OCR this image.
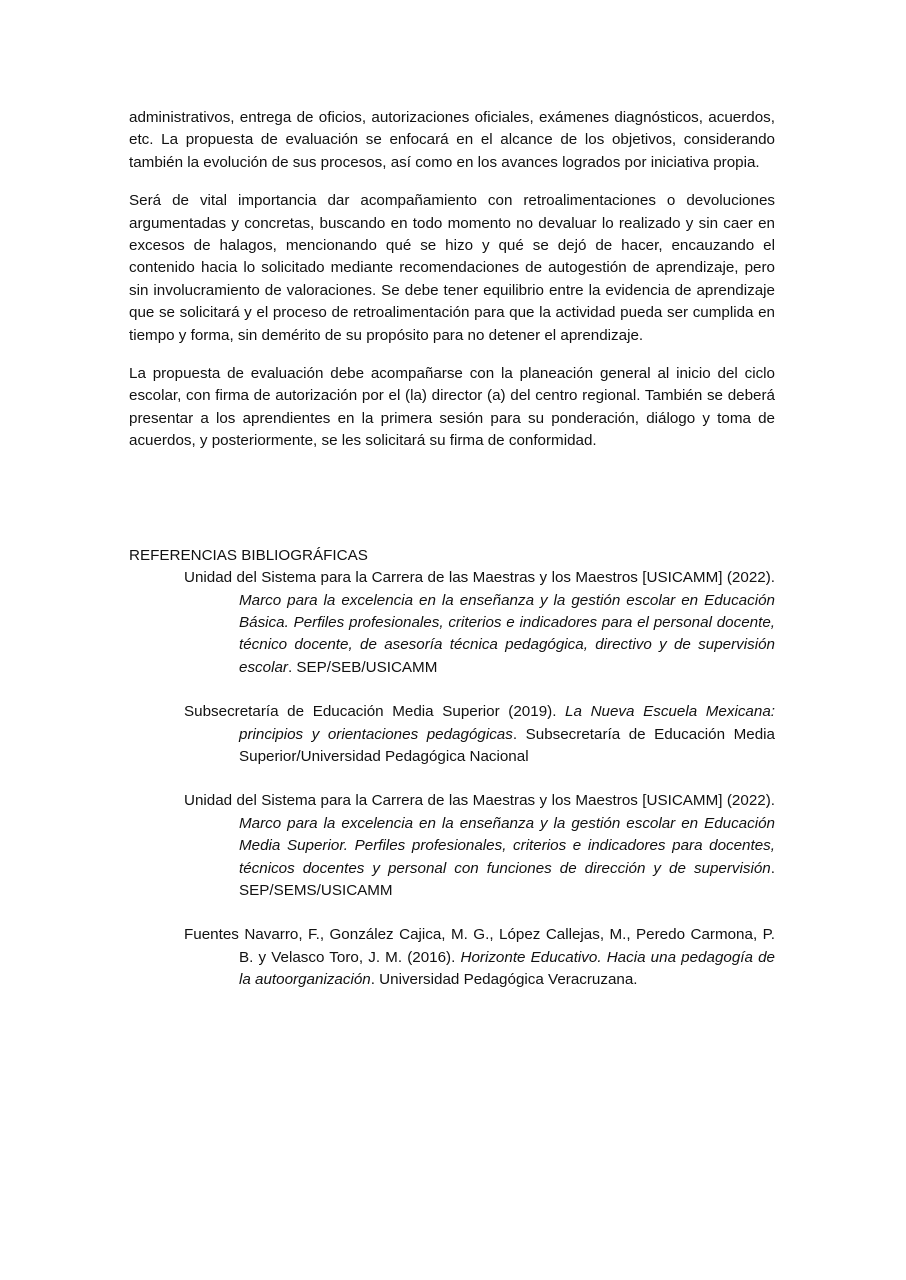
administrativos, entrega de oficios, autorizaciones oficiales, exámenes diagnósticos, acuerdos, etc. La propuesta de evaluación se enfocará en el alcance de los objetivos, considerando también la evolución de sus procesos, así como en los avances logrados por iniciativa propia.

Será de vital importancia dar acompañamiento con retroalimentaciones o devoluciones argumentadas y concretas, buscando en todo momento no devaluar lo realizado y sin caer en excesos de halagos, mencionando qué se hizo y qué se dejó de hacer, encauzando el contenido hacia lo solicitado mediante recomendaciones de autogestión de aprendizaje, pero sin involucramiento de valoraciones. Se debe tener equilibrio entre la evidencia de aprendizaje que se solicitará y el proceso de retroalimentación para que la actividad pueda ser cumplida en tiempo y forma, sin demérito de su propósito para no detener el aprendizaje.

La propuesta de evaluación debe acompañarse con la planeación general al inicio del ciclo escolar, con firma de autorización por el (la) director (a) del centro regional. También se deberá presentar a los aprendientes en la primera sesión para su ponderación, diálogo y toma de acuerdos, y posteriormente, se les solicitará su firma de conformidad.

REFERENCIAS BIBLIOGRÁFICAS

Unidad del Sistema para la Carrera de las Maestras y los Maestros [USICAMM] (2022). Marco para la excelencia en la enseñanza y la gestión escolar en Educación Básica. Perfiles profesionales, criterios e indicadores para el personal docente, técnico docente, de asesoría técnica pedagógica, directivo y de supervisión escolar. SEP/SEB/USICAMM

Subsecretaría de Educación Media Superior (2019). La Nueva Escuela Mexicana: principios y orientaciones pedagógicas. Subsecretaría de Educación Media Superior/Universidad Pedagógica Nacional

Unidad del Sistema para la Carrera de las Maestras y los Maestros [USICAMM] (2022). Marco para la excelencia en la enseñanza y la gestión escolar en Educación Media Superior. Perfiles profesionales, criterios e indicadores para docentes, técnicos docentes y personal con funciones de dirección y de supervisión. SEP/SEMS/USICAMM

Fuentes Navarro, F., González Cajica, M. G., López Callejas, M., Peredo Carmona, P. B. y Velasco Toro, J. M. (2016). Horizonte Educativo. Hacia una pedagogía de la autoorganización. Universidad Pedagógica Veracruzana.
